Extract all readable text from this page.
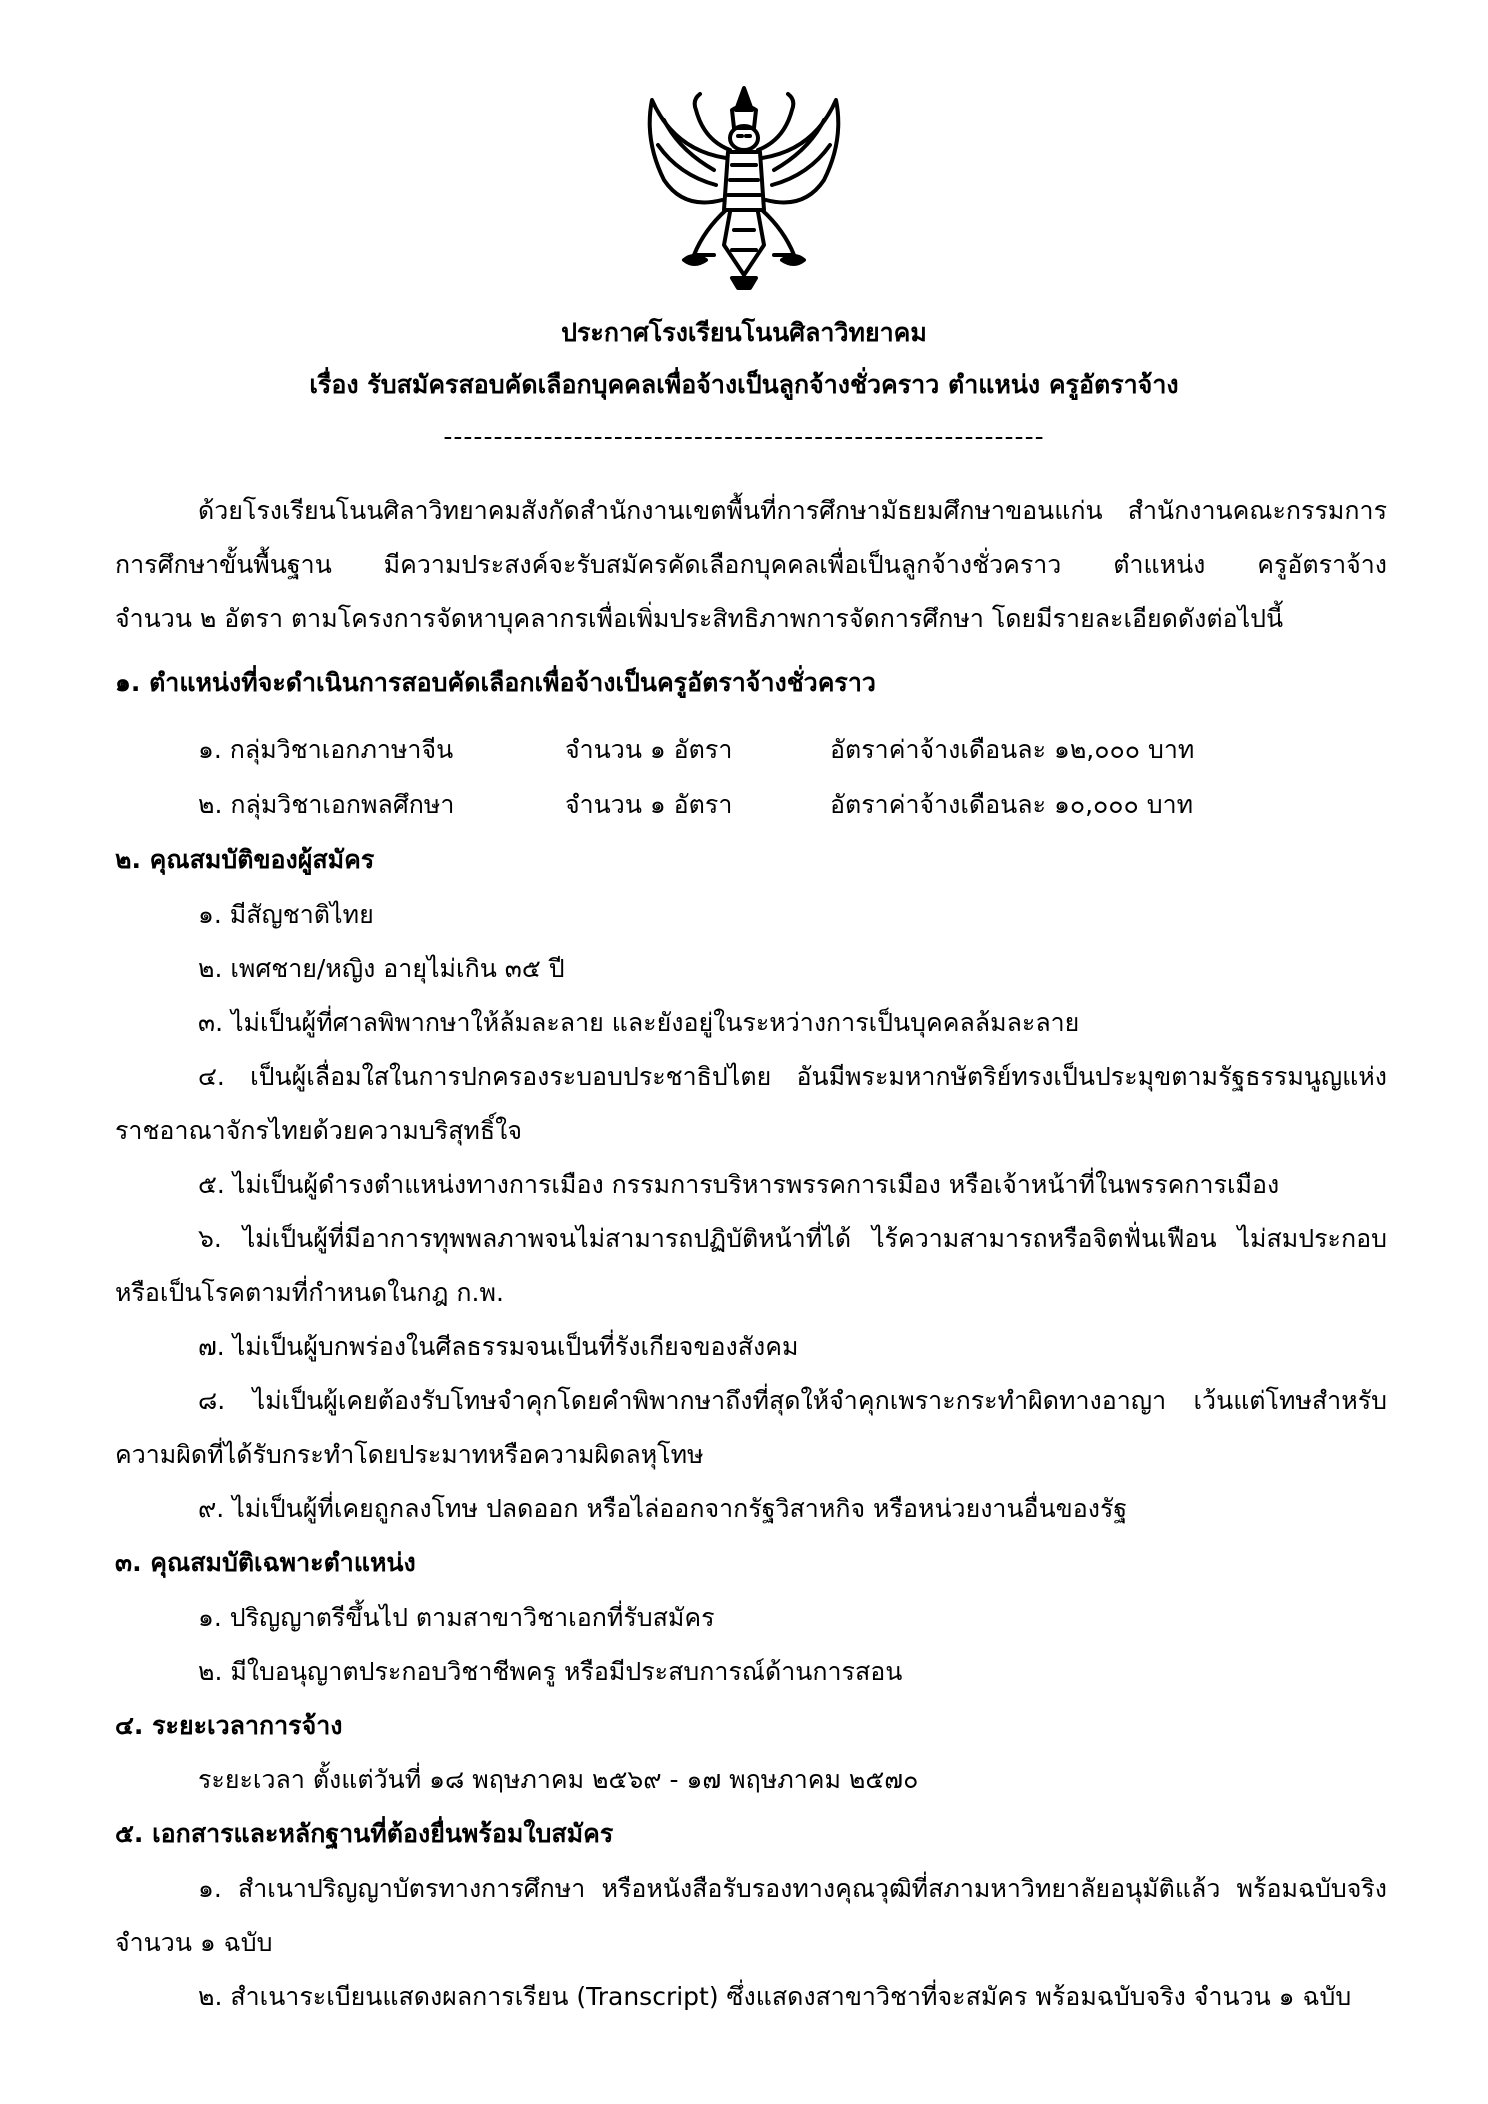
ประกาศโรงเรียนโนนศิลาวิทยาคม
เรื่อง รับสมัครสอบคัดเลือกบุคคลเพื่อจ้างเป็นลูกจ้างชั่วคราว ตำแหน่ง ครูอัตราจ้าง
------------------------------------------------------------
ด้วยโรงเรียนโนนศิลาวิทยาคมสังกัดสำนักงานเขตพื้นที่การศึกษามัธยมศึกษาขอนแก่น สำนักงานคณะกรรมการ
การศึกษาขั้นพื้นฐาน มีความประสงค์จะรับสมัครคัดเลือกบุคคลเพื่อเป็นลูกจ้างชั่วคราว ตำแหน่ง ครูอัตราจ้าง
จำนวน ๒ อัตรา ตามโครงการจัดหาบุคลากรเพื่อเพิ่มประสิทธิภาพการจัดการศึกษา โดยมีรายละเอียดดังต่อไปนี้
๑. ตำแหน่งที่จะดำเนินการสอบคัดเลือกเพื่อจ้างเป็นครูอัตราจ้างชั่วคราว
๑. กลุ่มวิชาเอกภาษาจีน	จำนวน ๑ อัตรา	อัตราค่าจ้างเดือนละ ๑๒,๐๐๐ บาท
๒. กลุ่มวิชาเอกพลศึกษา	จำนวน ๑ อัตรา	อัตราค่าจ้างเดือนละ ๑๐,๐๐๐ บาท
๒. คุณสมบัติของผู้สมัคร
๑. มีสัญชาติไทย
๒. เพศชาย/หญิง อายุไม่เกิน ๓๕ ปี
๓. ไม่เป็นผู้ที่ศาลพิพากษาให้ล้มละลาย และยังอยู่ในระหว่างการเป็นบุคคลล้มละลาย
๔. เป็นผู้เลื่อมใสในการปกครองระบอบประชาธิปไตย อันมีพระมหากษัตริย์ทรงเป็นประมุขตามรัฐธรรมนูญแห่ง
ราชอาณาจักรไทยด้วยความบริสุทธิ์ใจ
๕. ไม่เป็นผู้ดำรงตำแหน่งทางการเมือง กรรมการบริหารพรรคการเมือง หรือเจ้าหน้าที่ในพรรคการเมือง
๖. ไม่เป็นผู้ที่มีอาการทุพพลภาพจนไม่สามารถปฏิบัติหน้าที่ได้ ไร้ความสามารถหรือจิตฟั่นเฟือน ไม่สมประกอบ
หรือเป็นโรคตามที่กำหนดในกฎ ก.พ.
๗. ไม่เป็นผู้บกพร่องในศีลธรรมจนเป็นที่รังเกียจของสังคม
๘. ไม่เป็นผู้เคยต้องรับโทษจำคุกโดยคำพิพากษาถึงที่สุดให้จำคุกเพราะกระทำผิดทางอาญา เว้นแต่โทษสำหรับ
ความผิดที่ได้รับกระทำโดยประมาทหรือความผิดลหุโทษ
๙. ไม่เป็นผู้ที่เคยถูกลงโทษ ปลดออก หรือไล่ออกจากรัฐวิสาหกิจ หรือหน่วยงานอื่นของรัฐ
๓. คุณสมบัติเฉพาะตำแหน่ง
๑. ปริญญาตรีขึ้นไป ตามสาขาวิชาเอกที่รับสมัคร
๒. มีใบอนุญาตประกอบวิชาชีพครู หรือมีประสบการณ์ด้านการสอน
๔. ระยะเวลาการจ้าง
ระยะเวลา ตั้งแต่วันที่ ๑๘ พฤษภาคม ๒๕๖๙ - ๑๗ พฤษภาคม ๒๕๗๐
๕. เอกสารและหลักฐานที่ต้องยื่นพร้อมใบสมัคร
๑. สำเนาปริญญาบัตรทางการศึกษา หรือหนังสือรับรองทางคุณวุฒิที่สภามหาวิทยาลัยอนุมัติแล้ว พร้อมฉบับจริง
จำนวน ๑ ฉบับ
๒. สำเนาระเบียนแสดงผลการเรียน (Transcript) ซึ่งแสดงสาขาวิชาที่จะสมัคร พร้อมฉบับจริง จำนวน ๑ ฉบับ
